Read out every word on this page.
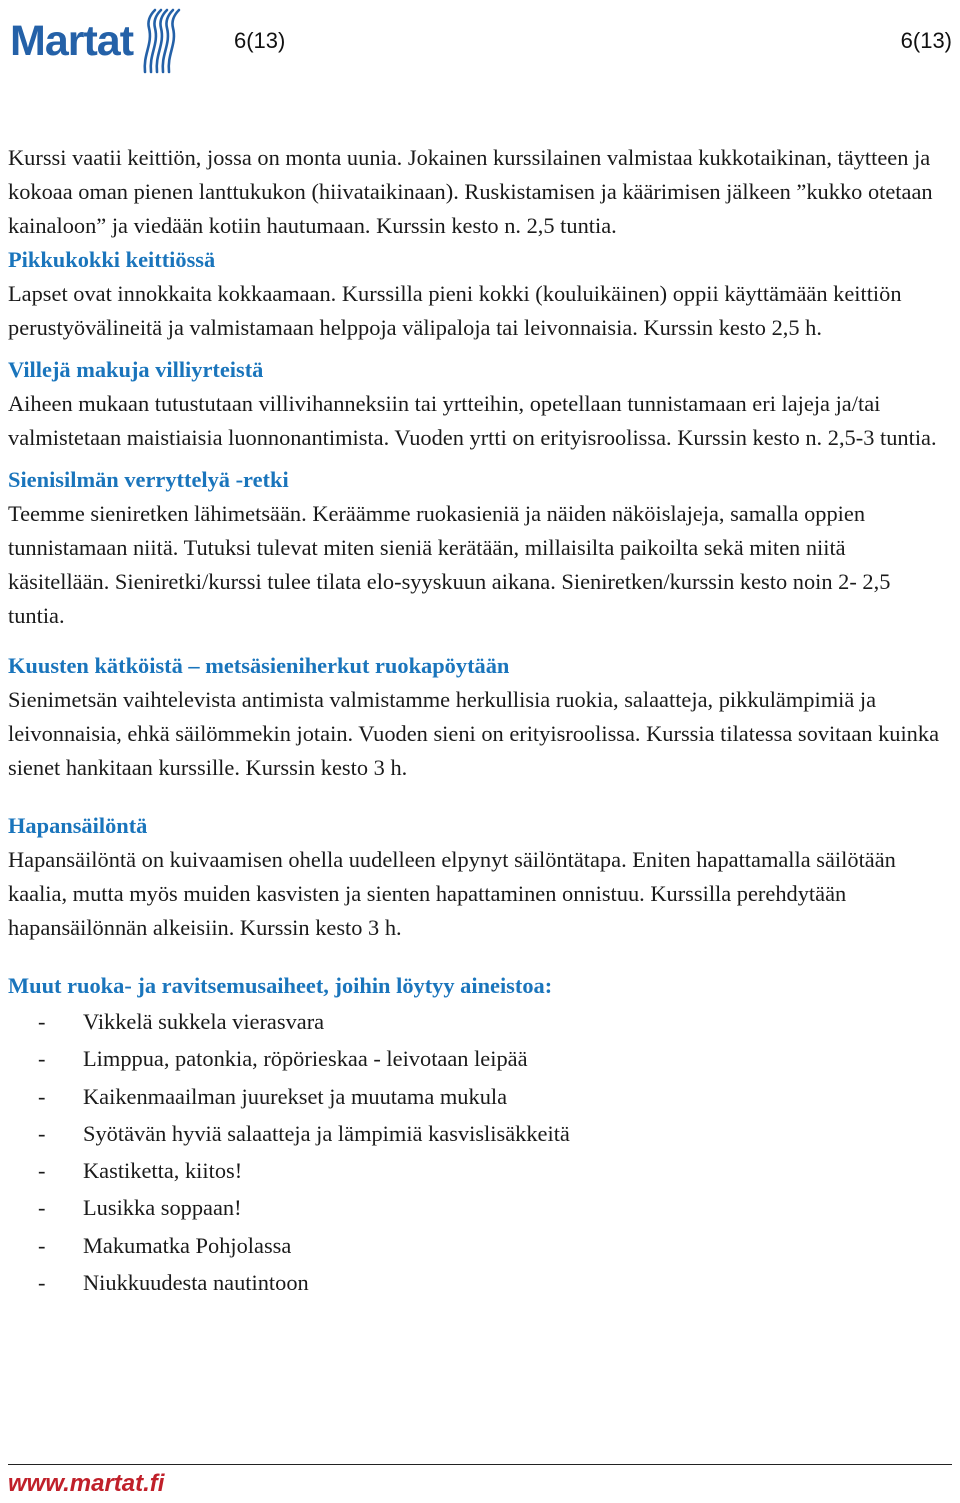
Martat	6(13)	6(13)

Kurssi vaatii keittiön, jossa on monta uunia. Jokainen kurssilainen valmistaa kukkotaikinan, täytteen ja kokoaa oman pienen lanttukukon (hiivataikinaan). Ruskistamisen ja käärimisen jälkeen ”kukko otetaan kainaloon” ja viedään kotiin hautumaan. Kurssin kesto n. 2,5 tuntia.

Pikkukokki keittiössä

Lapset ovat innokkaita kokkaamaan. Kurssilla pieni kokki (kouluikäinen) oppii käyttämään keittiön perustyövälineitä ja valmistamaan helppoja välipaloja tai leivonnaisia. Kurssin kesto 2,5 h.

Villejä makuja villiyrteistä

Aiheen mukaan tutustutaan villivihanneksiin tai yrtteihin, opetellaan tunnistamaan eri lajeja ja/tai valmistetaan maistiaisia luonnonantimista. Vuoden yrtti on erityisroolissa. Kurssin kesto n. 2,5-3 tuntia.

Sienisilmän verryttelyä -retki

Teemme sieniretken lähimetsään. Keräämme ruokasieniä ja näiden näköislajeja, samalla oppien tunnistamaan niitä. Tutuksi tulevat miten sieniä kerätään, millaisilta paikoilta sekä miten niitä käsitellään. Sieniretki/kurssi tulee tilata elo-syyskuun aikana. Sieniretken/kurssin kesto noin 2- 2,5 tuntia.

Kuusten kätköistä – metsäsieniherkut ruokapöytään

Sienimetsän vaihtelevista antimista valmistamme herkullisia ruokia, salaatteja, pikkulämpimiä ja leivonnaisia, ehkä säilömmekin jotain. Vuoden sieni on erityisroolissa. Kurssia tilatessa sovitaan kuinka sienet hankitaan kurssille. Kurssin kesto 3 h.

Hapansäilöntä

Hapansäilöntä on kuivaamisen ohella uudelleen elpynyt säilöntätapa. Eniten hapattamalla säilötään kaalia, mutta myös muiden kasvisten ja sienten hapattaminen onnistuu. Kurssilla perehdytään hapansäilönnän alkeisiin. Kurssin kesto 3 h.

Muut ruoka- ja ravitsemusaiheet, joihin löytyy aineistoa:

- Vikkelä sukkela vierasvara
- Limppua, patonkia, röpörieskaa - leivotaan leipää
- Kaikenmaailman juurekset ja muutama mukula
- Syötävän hyviä salaatteja ja lämpimiä kasvislisäkkeitä
- Kastiketta, kiitos!
- Lusikka soppaan!
- Makumatka Pohjolassa
- Niukkuudesta nautintoon
www.martat.fi
